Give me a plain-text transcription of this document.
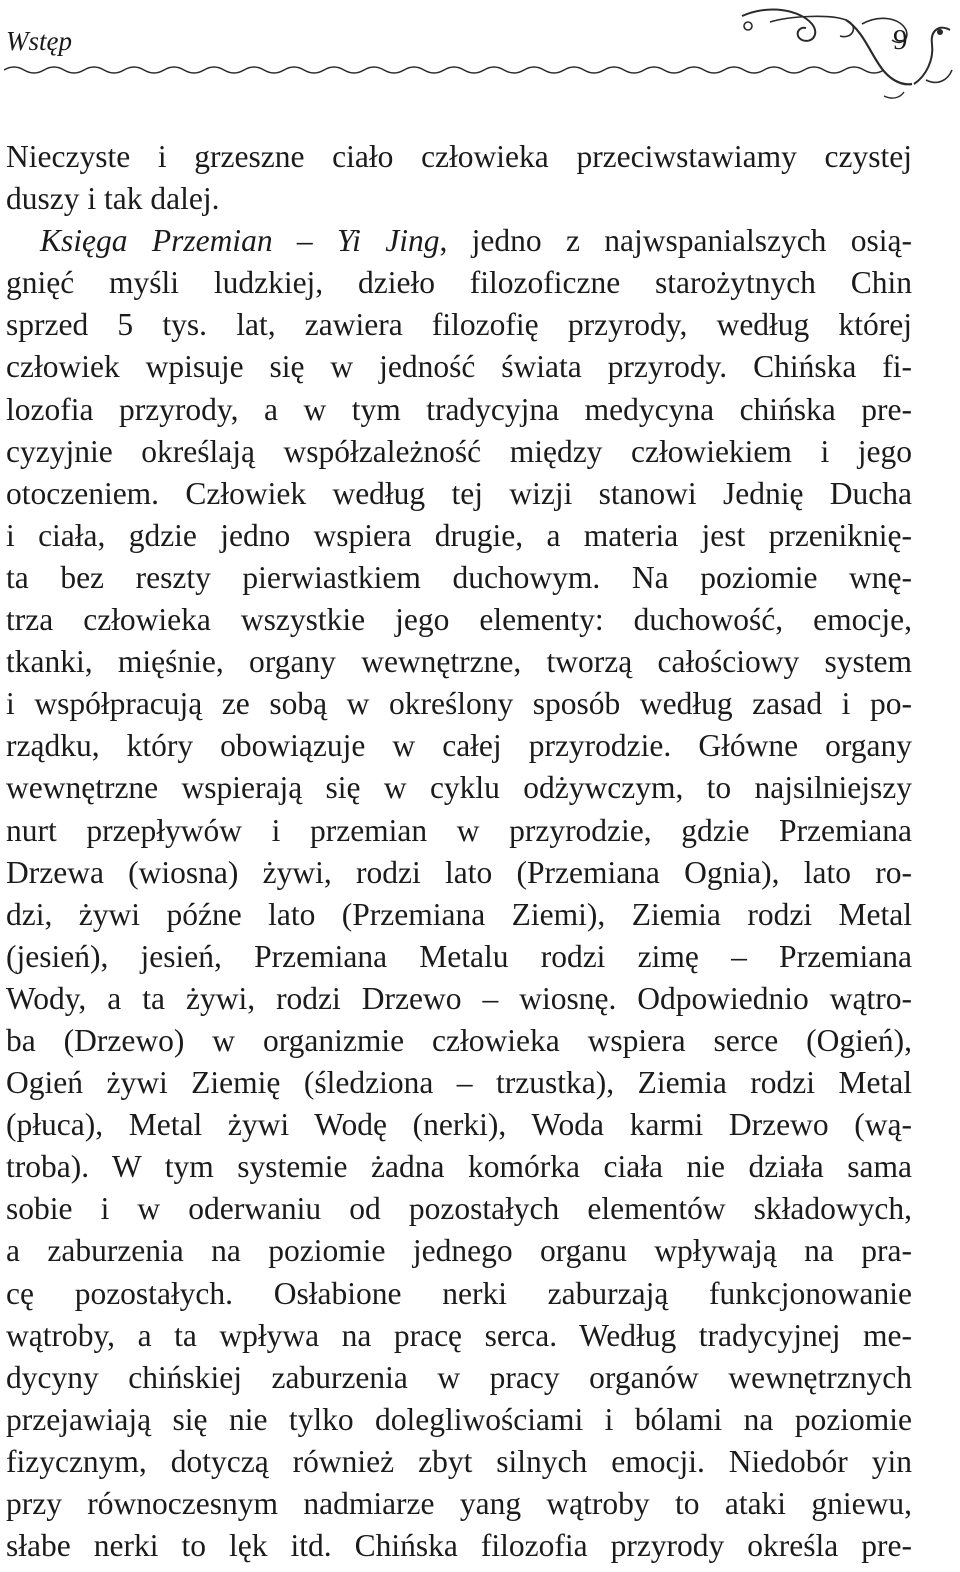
Wstęp	9
Nieczyste i grzeszne ciało człowieka przeciwstawiamy czystej
duszy i tak dalej.
Księga Przemian – Yi Jing, jedno z najwspanialszych osią-
gnięć myśli ludzkiej, dzieło filozoficzne starożytnych Chin
sprzed 5 tys. lat, zawiera filozofię przyrody, według której
człowiek wpisuje się w jedność świata przyrody. Chińska fi-
lozofia przyrody, a w tym tradycyjna medycyna chińska pre-
cyzyjnie określają współzależność między człowiekiem i jego
otoczeniem. Człowiek według tej wizji stanowi Jednię Ducha
i ciała, gdzie jedno wspiera drugie, a materia jest przeniknię-
ta bez reszty pierwiastkiem duchowym. Na poziomie wnę-
trza człowieka wszystkie jego elementy: duchowość, emocje,
tkanki, mięśnie, organy wewnętrzne, tworzą całościowy system
i współpracują ze sobą w określony sposób według zasad i po-
rządku, który obowiązuje w całej przyrodzie. Główne organy
wewnętrzne wspierają się w cyklu odżywczym, to najsilniejszy
nurt przepływów i przemian w przyrodzie, gdzie Przemiana
Drzewa (wiosna) żywi, rodzi lato (Przemiana Ognia), lato ro-
dzi, żywi późne lato (Przemiana Ziemi), Ziemia rodzi Metal
(jesień), jesień, Przemiana Metalu rodzi zimę – Przemiana
Wody, a ta żywi, rodzi Drzewo – wiosnę. Odpowiednio wątro-
ba (Drzewo) w organizmie człowieka wspiera serce (Ogień),
Ogień żywi Ziemię (śledziona – trzustka), Ziemia rodzi Metal
(płuca), Metal żywi Wodę (nerki), Woda karmi Drzewo (wą-
troba). W tym systemie żadna komórka ciała nie działa sama
sobie i w oderwaniu od pozostałych elementów składowych,
a zaburzenia na poziomie jednego organu wpływają na pra-
cę pozostałych. Osłabione nerki zaburzają funkcjonowanie
wątroby, a ta wpływa na pracę serca. Według tradycyjnej me-
dycyny chińskiej zaburzenia w pracy organów wewnętrznych
przejawiają się nie tylko dolegliwościami i bólami na poziomie
fizycznym, dotyczą również zbyt silnych emocji. Niedobór yin
przy równoczesnym nadmiarze yang wątroby to ataki gniewu,
słabe nerki to lęk itd. Chińska filozofia przyrody określa pre-
